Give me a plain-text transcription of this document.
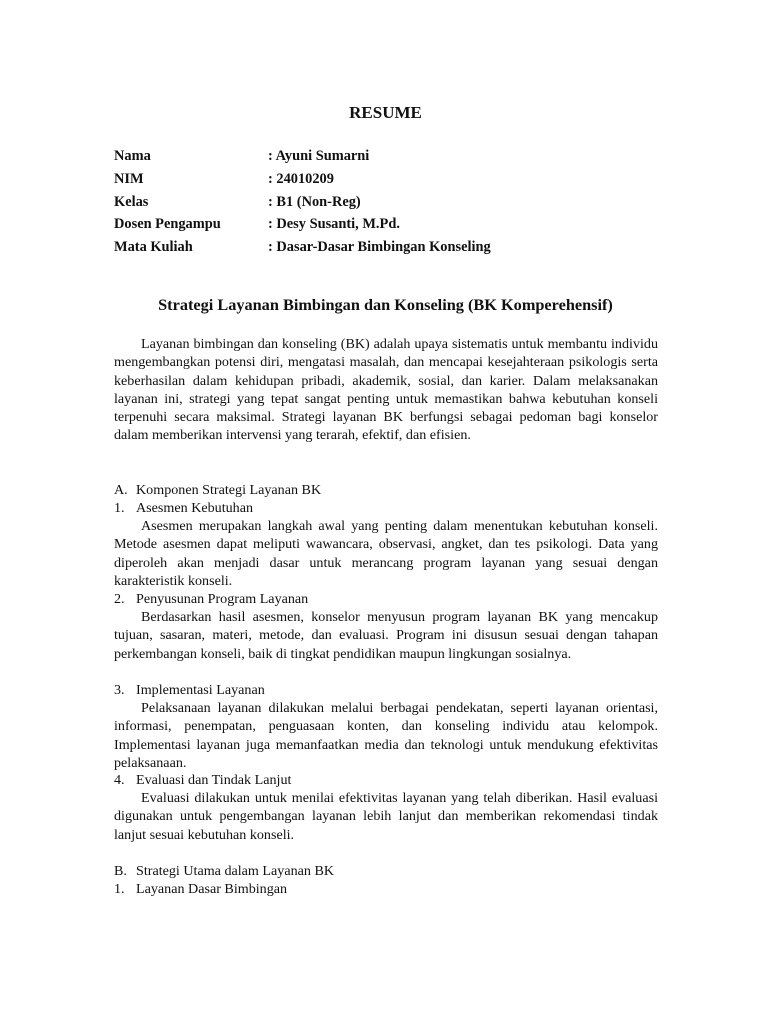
RESUME
Nama	: Ayuni Sumarni
NIM	: 24010209
Kelas	: B1 (Non-Reg)
Dosen Pengampu	: Desy Susanti, M.Pd.
Mata Kuliah	: Dasar-Dasar Bimbingan Konseling
Strategi Layanan Bimbingan dan Konseling (BK Komperehensif)

Layanan bimbingan dan konseling (BK) adalah upaya sistematis untuk membantu individu mengembangkan potensi diri, mengatasi masalah, dan mencapai kesejahteraan psikologis serta keberhasilan dalam kehidupan pribadi, akademik, sosial, dan karier. Dalam melaksanakan layanan ini, strategi yang tepat sangat penting untuk memastikan bahwa kebutuhan konseli terpenuhi secara maksimal. Strategi layanan BK berfungsi sebagai pedoman bagi konselor dalam memberikan intervensi yang terarah, efektif, dan efisien.

A. Komponen Strategi Layanan BK
1. Asesmen Kebutuhan

Asesmen merupakan langkah awal yang penting dalam menentukan kebutuhan konseli. Metode asesmen dapat meliputi wawancara, observasi, angket, dan tes psikologi. Data yang diperoleh akan menjadi dasar untuk merancang program layanan yang sesuai dengan karakteristik konseli.

2. Penyusunan Program Layanan

Berdasarkan hasil asesmen, konselor menyusun program layanan BK yang mencakup tujuan, sasaran, materi, metode, dan evaluasi. Program ini disusun sesuai dengan tahapan perkembangan konseli, baik di tingkat pendidikan maupun lingkungan sosialnya.

3. Implementasi Layanan

Pelaksanaan layanan dilakukan melalui berbagai pendekatan, seperti layanan orientasi, informasi, penempatan, penguasaan konten, dan konseling individu atau kelompok. Implementasi layanan juga memanfaatkan media dan teknologi untuk mendukung efektivitas pelaksanaan.

4. Evaluasi dan Tindak Lanjut

Evaluasi dilakukan untuk menilai efektivitas layanan yang telah diberikan. Hasil evaluasi digunakan untuk pengembangan layanan lebih lanjut dan memberikan rekomendasi tindak lanjut sesuai kebutuhan konseli.

B. Strategi Utama dalam Layanan BK
1. Layanan Dasar Bimbingan
